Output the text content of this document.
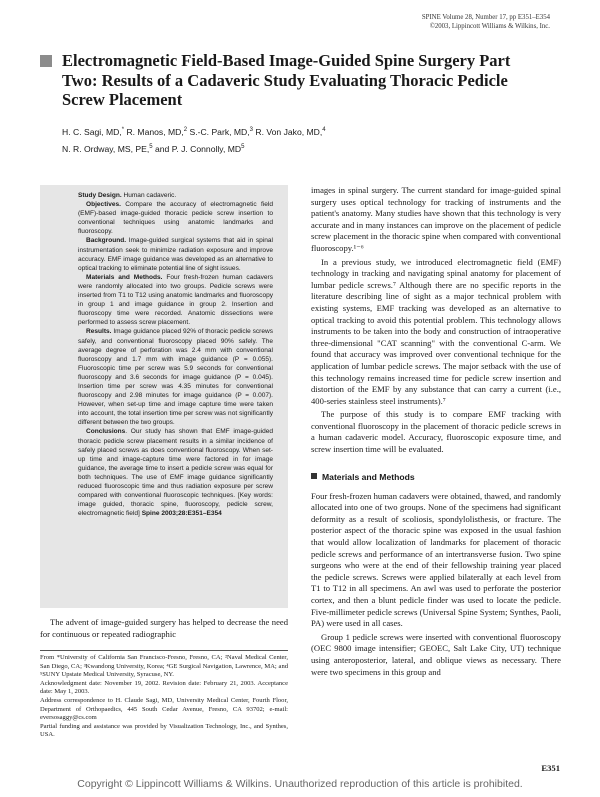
SPINE Volume 28, Number 17, pp E351–E354
©2003, Lippincott Williams & Wilkins, Inc.
Electromagnetic Field-Based Image-Guided Spine Surgery Part Two: Results of a Cadaveric Study Evaluating Thoracic Pedicle Screw Placement

H. C. Sagi, MD,* R. Manos, MD,$^2$ S.-C. Park, MD,$^3$ R. Von Jako, MD,$^4$
N. R. Ordway, MS, PE,$^5$ and P. J. Connolly, $MD^5$

Study Design. Human cadaveric.

Objectives. Compare the accuracy of electromagnetic field (EMF)-based image-guided thoracic pedicle screw insertion to conventional techniques using anatomic landmarks and fluoroscopy.

Background. Image-guided surgical systems that aid in spinal instrumentation seek to minimize radiation exposure and improve accuracy. EMF image guidance was developed as an alternative to optical tracking to eliminate potential line of sight issues.

Materials and Methods. Four fresh-frozen human cadavers were randomly allocated into two groups. Pedicle screws were inserted from T1 to T12 using anatomic landmarks and fluoroscopy in group 1 and image guidance in group 2. Insertion and fluoroscopy time were recorded. Anatomic dissections were performed to assess screw placement.

Results. Image guidance placed 92% of thoracic pedicle screws safely, and conventional fluoroscopy placed 90% safely. The average degree of perforation was 2.4 mm with conventional fluoroscopy and 1.7 mm with image guidance (P = 0.055). Fluoroscopic time per screw was 5.9 seconds for conventional fluoroscopy and 3.6 seconds for image guidance (P = 0.045). Insertion time per screw was 4.35 minutes for conventional fluoroscopy and 2.98 minutes for image guidance (P = 0.007). However, when set-up time and image capture time were taken into account, the total insertion time per screw was not significantly different between the two groups.

Conclusions. Our study has shown that EMF image-guided thoracic pedicle screw placement results in a similar incidence of safely placed screws as does conventional fluoroscopy. When set-up time and image-capture time were factored in for image guidance, the average time to insert a pedicle screw was equal for both techniques. The use of EMF image guidance significantly reduced fluoroscopic time and thus radiation exposure per screw compared with conventional fluoroscopic techniques. [Key words: image guided, thoracic spine, fluoroscopy, pedicle screw, electromagnetic field] Spine 2003;28:E351–E354

The advent of image-guided surgery has helped to decrease the need for continuous or repeated radiographic

From *University of California San Francisco-Fresno, Fresno, CA; ²Naval Medical Center, San Diego, CA; ³Kwandong University, Korea; ⁴GE Surgical Navigation, Lawrence, MA; and ⁵SUNY Upstate Medical University, Syracuse, NY.

Acknowledgment date: November 19, 2002. Revision date: February 21, 2003. Acceptance date: May 1, 2003.

Address correspondence to H. Claude Sagi, MD, University Medical Center, Fourth Floor, Department of Orthopaedics, 445 South Cedar Avenue, Fresno, CA 93702; e-mail: eversosaggy@cs.com

Partial funding and assistance was provided by Visualization Technology, Inc., and Synthes, USA.

images in spinal surgery. The current standard for image-guided spinal surgery uses optical technology for tracking of instruments and the patient's anatomy. Many studies have shown that this technology is very accurate and in many instances can improve on the placement of pedicle screw placement in the thoracic spine when compared with conventional fluoroscopy.¹⁻⁶

In a previous study, we introduced electromagnetic field (EMF) technology in tracking and navigating spinal anatomy for placement of lumbar pedicle screws.⁷ Although there are no specific reports in the literature describing line of sight as a major technical problem with existing systems, EMF tracking was developed as an alternative to optical tracking to avoid this potential problem. This technology allows instruments to be taken into the body and construction of intraoperative three-dimensional "CAT scanning" with the conventional C-arm. We found that accuracy was improved over conventional technique for the application of lumbar pedicle screws. The major setback with the use of this technology remains increased time for pedicle screw insertion and distortion of the EMF by any substance that can carry a current (i.e., 400-series stainless steel instruments).⁷

The purpose of this study is to compare EMF tracking with conventional fluoroscopy in the placement of thoracic pedicle screws in a human cadaveric model. Accuracy, fluoroscopic exposure time, and screw insertion time will be evaluated.

Materials and Methods

Four fresh-frozen human cadavers were obtained, thawed, and randomly allocated into one of two groups. None of the specimens had significant deformity as a result of scoliosis, spondylolisthesis, or fracture. The posterior aspect of the thoracic spine was exposed in the usual fashion that would allow localization of landmarks for placement of thoracic pedicle screws and performance of an intertransverse fusion. Two spine surgeons who were at the end of their fellowship training year placed the pedicle screws. Screws were applied bilaterally at each level from T1 to T12 in all specimens. An awl was used to perforate the posterior cortex, and then a blunt pedicle finder was used to locate the pedicle. Five-millimeter pedicle screws (Universal Spine System; Synthes, Paoli, PA) were used in all cases.

Group 1 pedicle screws were inserted with conventional fluoroscopy (OEC 9800 image intensifier; GEOEC, Salt Lake City, UT) technique using anteroposterior, lateral, and oblique views as necessary. There were two specimens in this group and

E351
Copyright © Lippincott Williams & Wilkins. Unauthorized reproduction of this article is prohibited.
